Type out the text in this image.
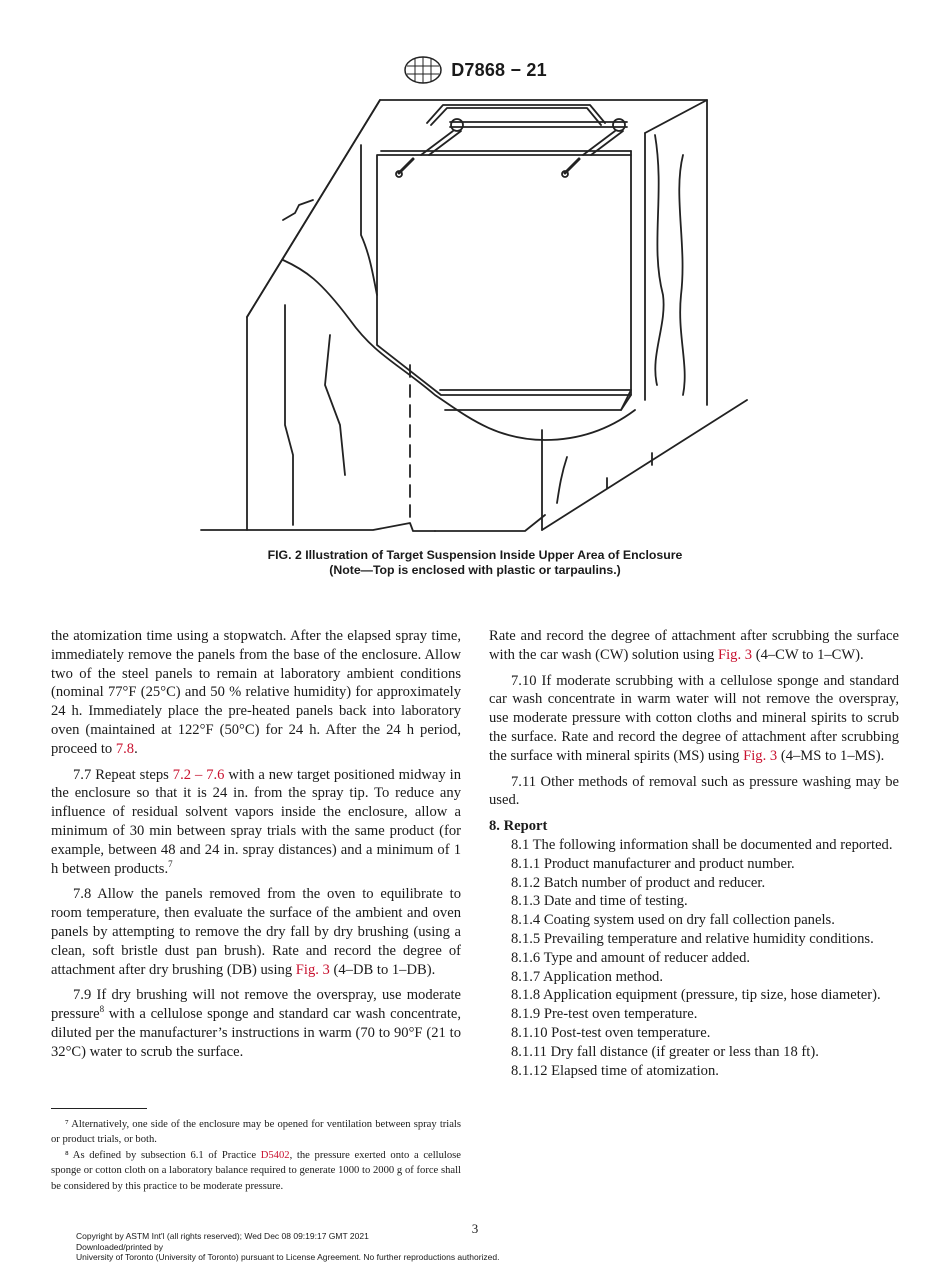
D7868 − 21
FIG. 2 Illustration of Target Suspension Inside Upper Area of Enclosure
(Note—Top is enclosed with plastic or tarpaulins.)

the atomization time using a stopwatch. After the elapsed spray time, immediately remove the panels from the base of the enclosure. Allow two of the steel panels to remain at laboratory ambient conditions (nominal 77°F (25°C) and 50 % relative humidity) for approximately 24 h. Immediately place the pre-heated panels back into laboratory oven (maintained at 122°F (50°C) for 24 h. After the 24 h period, proceed to 7.8.

7.7 Repeat steps 7.2 – 7.6 with a new target positioned midway in the enclosure so that it is 24 in. from the spray tip. To reduce any influence of residual solvent vapors inside the enclosure, allow a minimum of 30 min between spray trials with the same product (for example, between 48 and 24 in. spray distances) and a minimum of 1 h between products.$^7$

7.8 Allow the panels removed from the oven to equilibrate to room temperature, then evaluate the surface of the ambient and oven panels by attempting to remove the dry fall by dry brushing (using a clean, soft bristle dust pan brush). Rate and record the degree of attachment after dry brushing (DB) using Fig. 3 (4–DB to 1–DB).

7.9 If dry brushing will not remove the overspray, use moderate pressure$^8$ with a cellulose sponge and standard car wash concentrate, diluted per the manufacturer’s instructions in warm (70 to 90°F (21 to 32°C) water to scrub the surface.

Rate and record the degree of attachment after scrubbing the surface with the car wash (CW) solution using Fig. 3 (4–CW to 1–CW).

7.10 If moderate scrubbing with a cellulose sponge and standard car wash concentrate in warm water will not remove the overspray, use moderate pressure with cotton cloths and mineral spirits to scrub the surface. Rate and record the degree of attachment after scrubbing the surface with mineral spirits (MS) using Fig. 3 (4–MS to 1–MS).

7.11 Other methods of removal such as pressure washing may be used.

8. Report

8.1 The following information shall be documented and reported.

8.1.1 Product manufacturer and product number.

8.1.2 Batch number of product and reducer.

8.1.3 Date and time of testing.

8.1.4 Coating system used on dry fall collection panels.

8.1.5 Prevailing temperature and relative humidity conditions.

8.1.6 Type and amount of reducer added.

8.1.7 Application method.

8.1.8 Application equipment (pressure, tip size, hose diameter).

8.1.9 Pre-test oven temperature.

8.1.10 Post-test oven temperature.

8.1.11 Dry fall distance (if greater or less than 18 ft).

8.1.12 Elapsed time of atomization.

⁷ Alternatively, one side of the enclosure may be opened for ventilation between spray trials or product trials, or both.

⁸ As defined by subsection 6.1 of Practice D5402, the pressure exerted onto a cellulose sponge or cotton cloth on a laboratory balance required to generate 1000 to 2000 g of force shall be considered by this practice to be moderate pressure.

3
Copyright by ASTM Int'l (all rights reserved); Wed Dec 08 09:19:17 GMT 2021
Downloaded/printed by
University of Toronto (University of Toronto) pursuant to License Agreement. No further reproductions authorized.
